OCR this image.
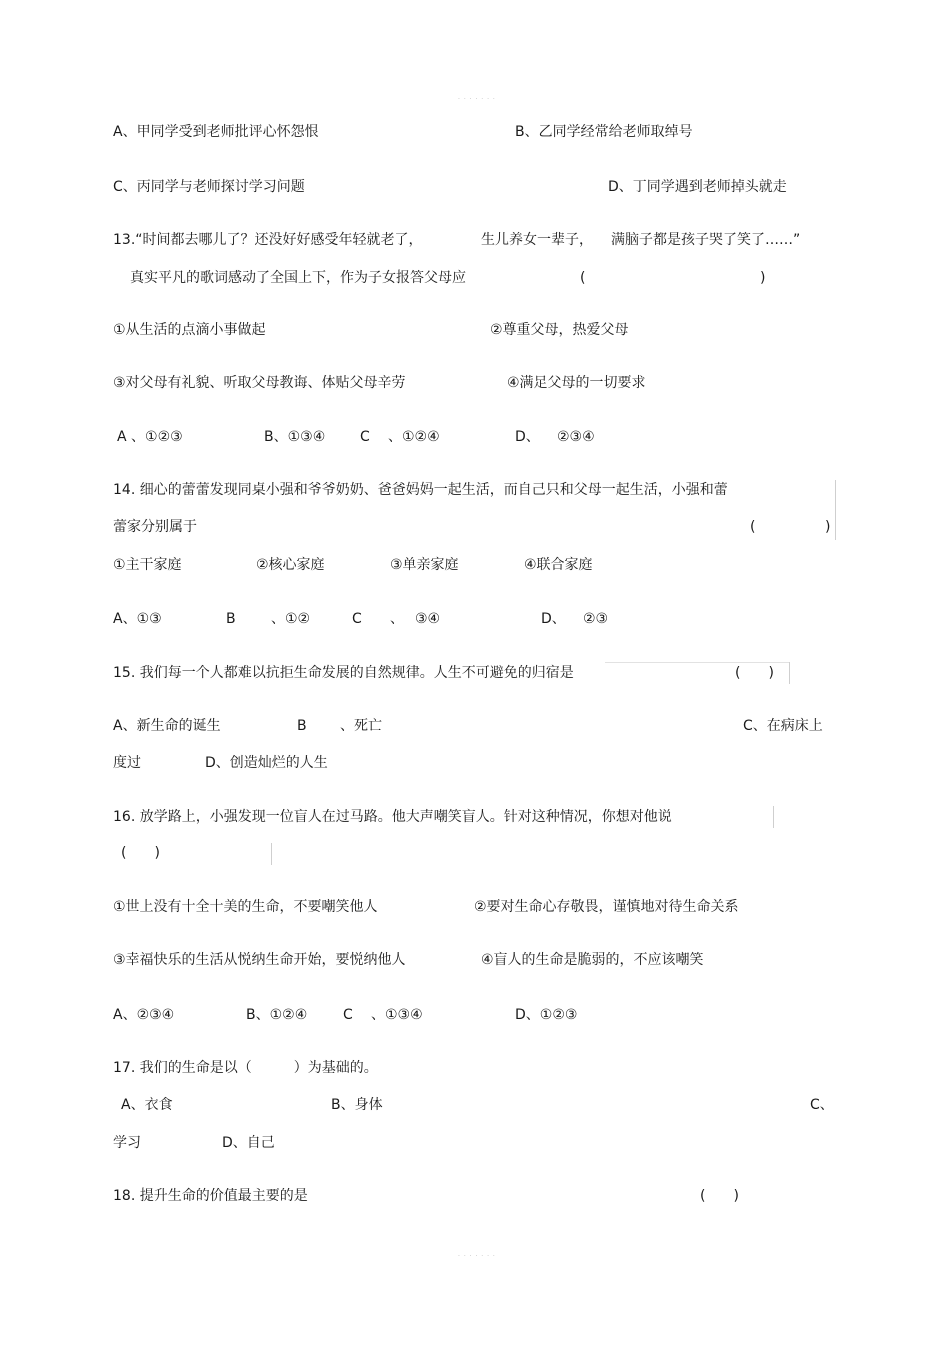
· · · · · · ·
A、甲同学受到老师批评心怀怨恨	B、乙同学经常给老师取绰号
C、丙同学与老师探讨学习问题	D、丁同学遇到老师掉头就走
13.“时间都去哪儿了？还没好好感受年轻就老了，	生儿养女一辈子， 满脑子都是孩子哭了笑了……”
真实平凡的歌词感动了全国上下，作为子女报答父母应	(	)
①从生活的点滴小事做起	②尊重父母，热爱父母
③对父母有礼貌、听取父母教诲、体贴父母辛劳	④满足父母的一切要求
A 、①②③	B、①③④ C 、①②④	D、 ②③④
14. 细心的蕾蕾发现同桌小强和爷爷奶奶、爸爸妈妈一起生活，而自己只和父母一起生活，小强和蕾
蕾家分别属于	(	)
①主干家庭	②核心家庭	③单亲家庭	④联合家庭
A、①③	B	、①②	C 、 ③④	D、 ②③
15. 我们每一个人都难以抗拒生命发展的自然规律。人生不可避免的归宿是	(　　)
A、新生命的诞生	B 、死亡	C、在病床上
度过	D、创造灿烂的人生
16. 放学路上，小强发现一位盲人在过马路。他大声嘲笑盲人。针对这种情况，你想对他说
(　　)
①世上没有十全十美的生命，不要嘲笑他人	②要对生命心存敬畏，谨慎地对待生命关系
③幸福快乐的生活从悦纳生命开始，要悦纳他人	④盲人的生命是脆弱的，不应该嘲笑
A、②③④	B、①②④	C 、①③④	D、①②③
17. 我们的生命是以（　　　）为基础的。
A、衣食	B、身体	C、
学习	D、自己
18. 提升生命的价值最主要的是	(　　)
· · · · · · ·
